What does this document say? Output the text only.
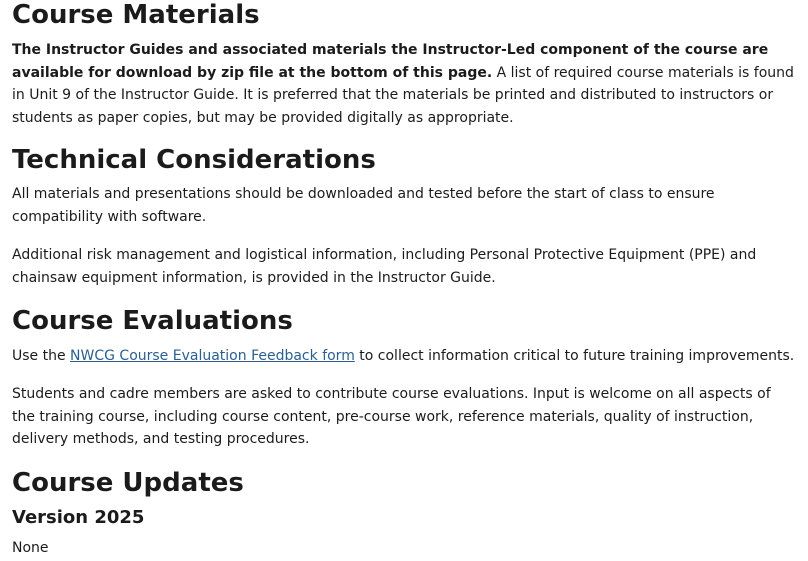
Course Materials

The Instructor Guides and associated materials the Instructor-Led component of the course are available for download by zip file at the bottom of this page. A list of required course materials is found in Unit 9 of the Instructor Guide. It is preferred that the materials be printed and distributed to instructors or students as paper copies, but may be provided digitally as appropriate.

Technical Considerations

All materials and presentations should be downloaded and tested before the start of class to ensure compatibility with software.

Additional risk management and logistical information, including Personal Protective Equipment (PPE) and chainsaw equipment information, is provided in the Instructor Guide.

Course Evaluations

Use the NWCG Course Evaluation Feedback form to collect information critical to future training improvements.

Students and cadre members are asked to contribute course evaluations. Input is welcome on all aspects of the training course, including course content, pre-course work, reference materials, quality of instruction, delivery methods, and testing procedures.

Course Updates
Version 2025

None
